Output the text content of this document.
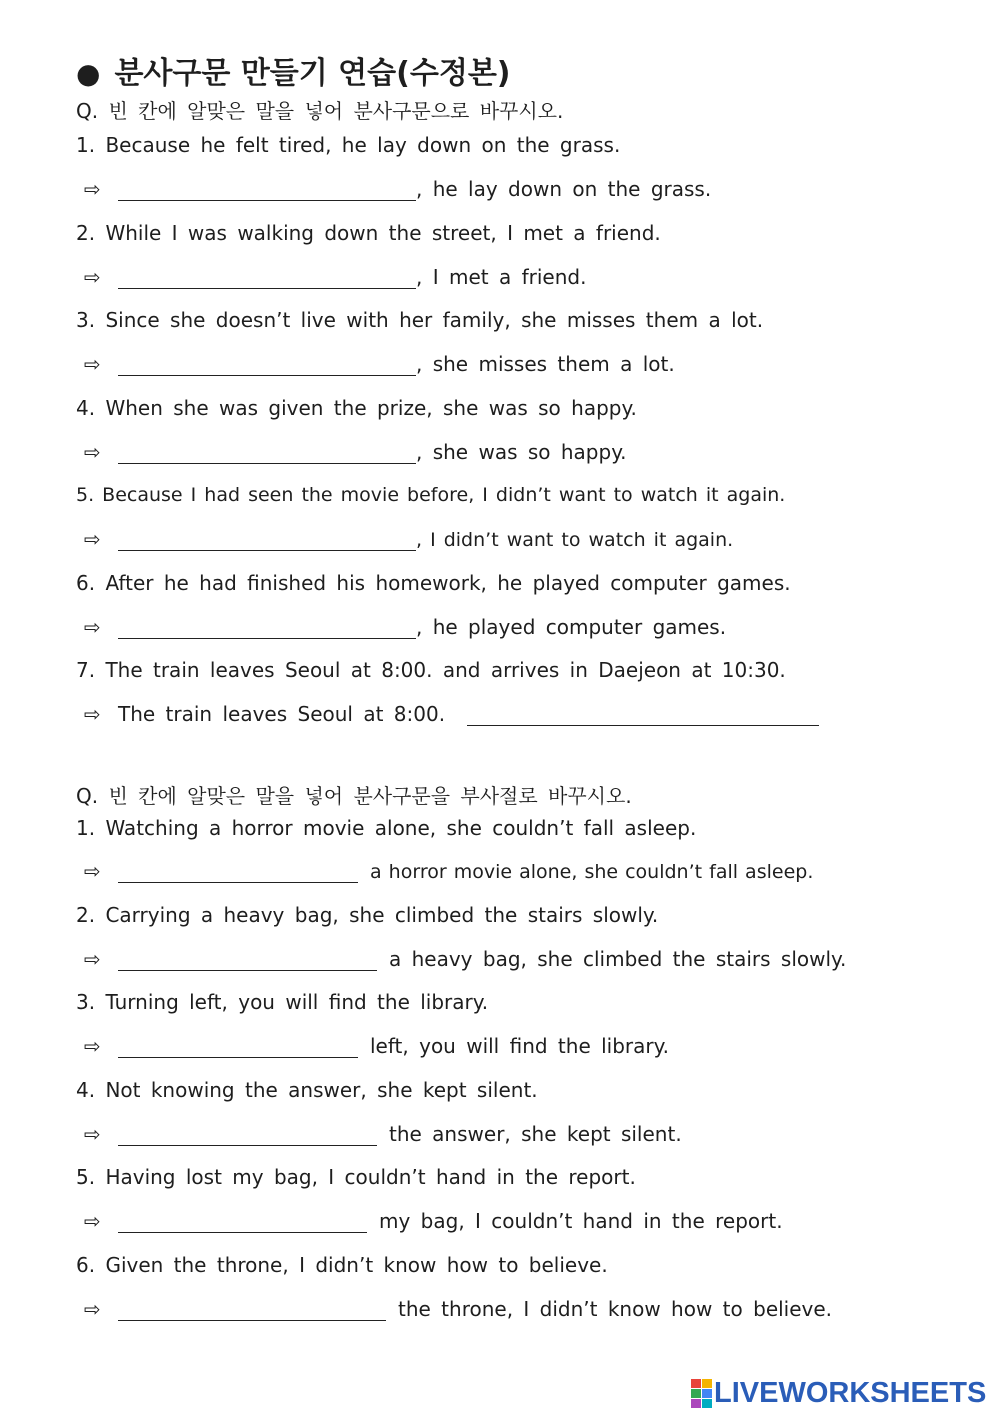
● 분사구문 만들기 연습(수정본)
Q. 빈 칸에 알맞은 말을 넣어 분사구문으로 바꾸시오.
1. Because he felt tired, he lay down on the grass.
⇨	, he lay down on the grass.
2. While I was walking down the street, I met a friend.
⇨	, I met a friend.
3. Since she doesn’t live with her family, she misses them a lot.
⇨	, she misses them a lot.
4. When she was given the prize, she was so happy.
⇨	, she was so happy.
5. Because I had seen the movie before, I didn’t want to watch it again.
⇨	, I didn’t want to watch it again.
6. After he had finished his homework, he played computer games.
⇨	, he played computer games.
7. The train leaves Seoul at 8:00. and arrives in Daejeon at 10:30.
⇨ The train leaves Seoul at 8:00.
Q. 빈 칸에 알맞은 말을 넣어 분사구문을 부사절로 바꾸시오.
1. Watching a horror movie alone, she couldn’t fall asleep.
⇨	a horror movie alone, she couldn’t fall asleep.
2. Carrying a heavy bag, she climbed the stairs slowly.
⇨	a heavy bag, she climbed the stairs slowly.
3. Turning left, you will find the library.
⇨	left, you will find the library.
4. Not knowing the answer, she kept silent.
⇨	the answer, she kept silent.
5. Having lost my bag, I couldn’t hand in the report.
⇨	my bag, I couldn’t hand in the report.
6. Given the throne, I didn’t know how to believe.
⇨	the throne, I didn’t know how to believe.
LIVEWORKSHEETS
